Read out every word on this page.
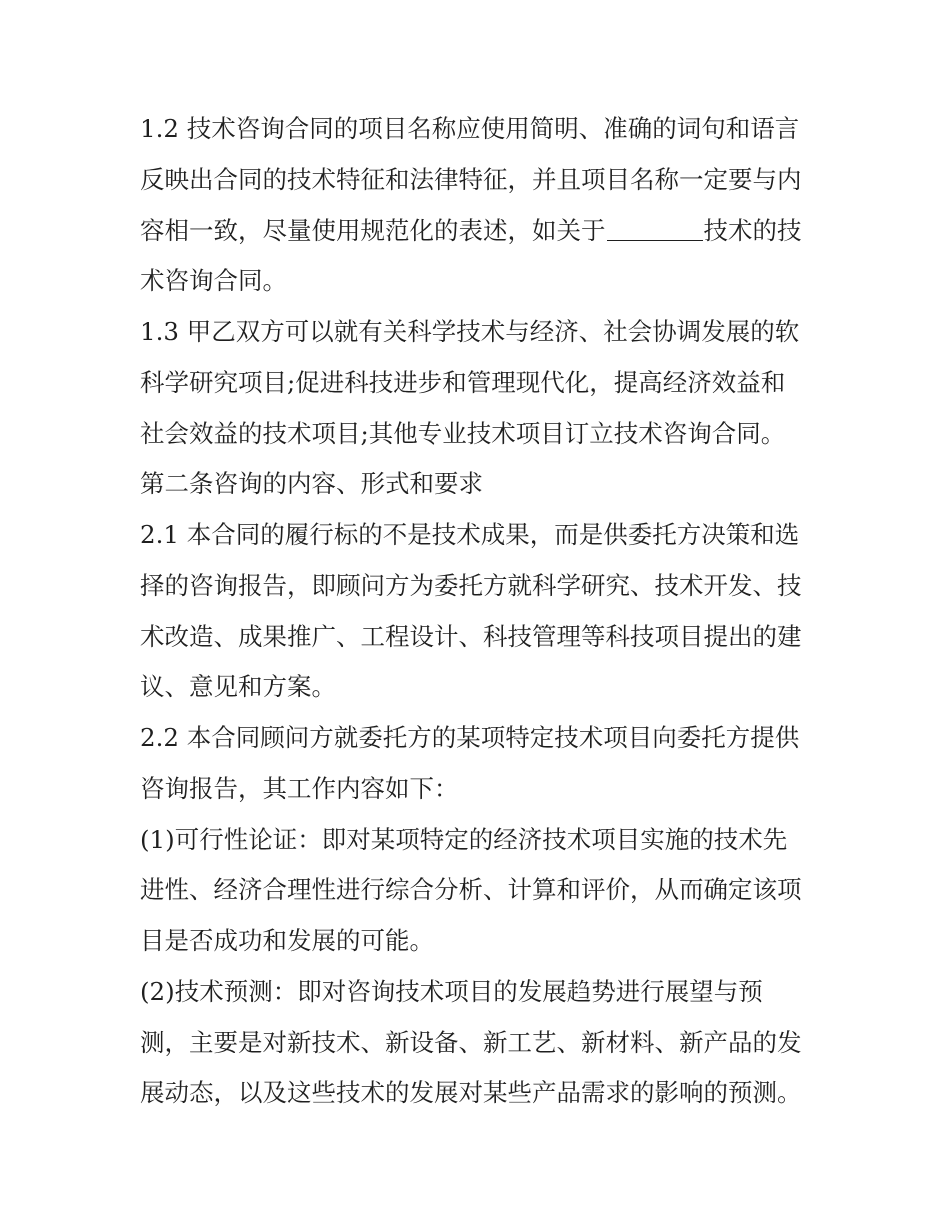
1.2 技术咨询合同的项目名称应使用简明、准确的词句和语言
反映出合同的技术特征和法律特征，并且项目名称一定要与内
容相一致，尽量使用规范化的表述，如关于	技术的技
术咨询合同。
1.3 甲乙双方可以就有关科学技术与经济、社会协调发展的软
科学研究项目;促进科技进步和管理现代化，提高经济效益和
社会效益的技术项目;其他专业技术项目订立技术咨询合同。
第二条咨询的内容、形式和要求
2.1 本合同的履行标的不是技术成果，而是供委托方决策和选
择的咨询报告，即顾问方为委托方就科学研究、技术开发、技
术改造、成果推广、工程设计、科技管理等科技项目提出的建
议、意见和方案。
2.2 本合同顾问方就委托方的某项特定技术项目向委托方提供
咨询报告，其工作内容如下：
(1)可行性论证：即对某项特定的经济技术项目实施的技术先
进性、经济合理性进行综合分析、计算和评价，从而确定该项
目是否成功和发展的可能。
(2)技术预测：即对咨询技术项目的发展趋势进行展望与预
测，主要是对新技术、新设备、新工艺、新材料、新产品的发
展动态，以及这些技术的发展对某些产品需求的影响的预测。
